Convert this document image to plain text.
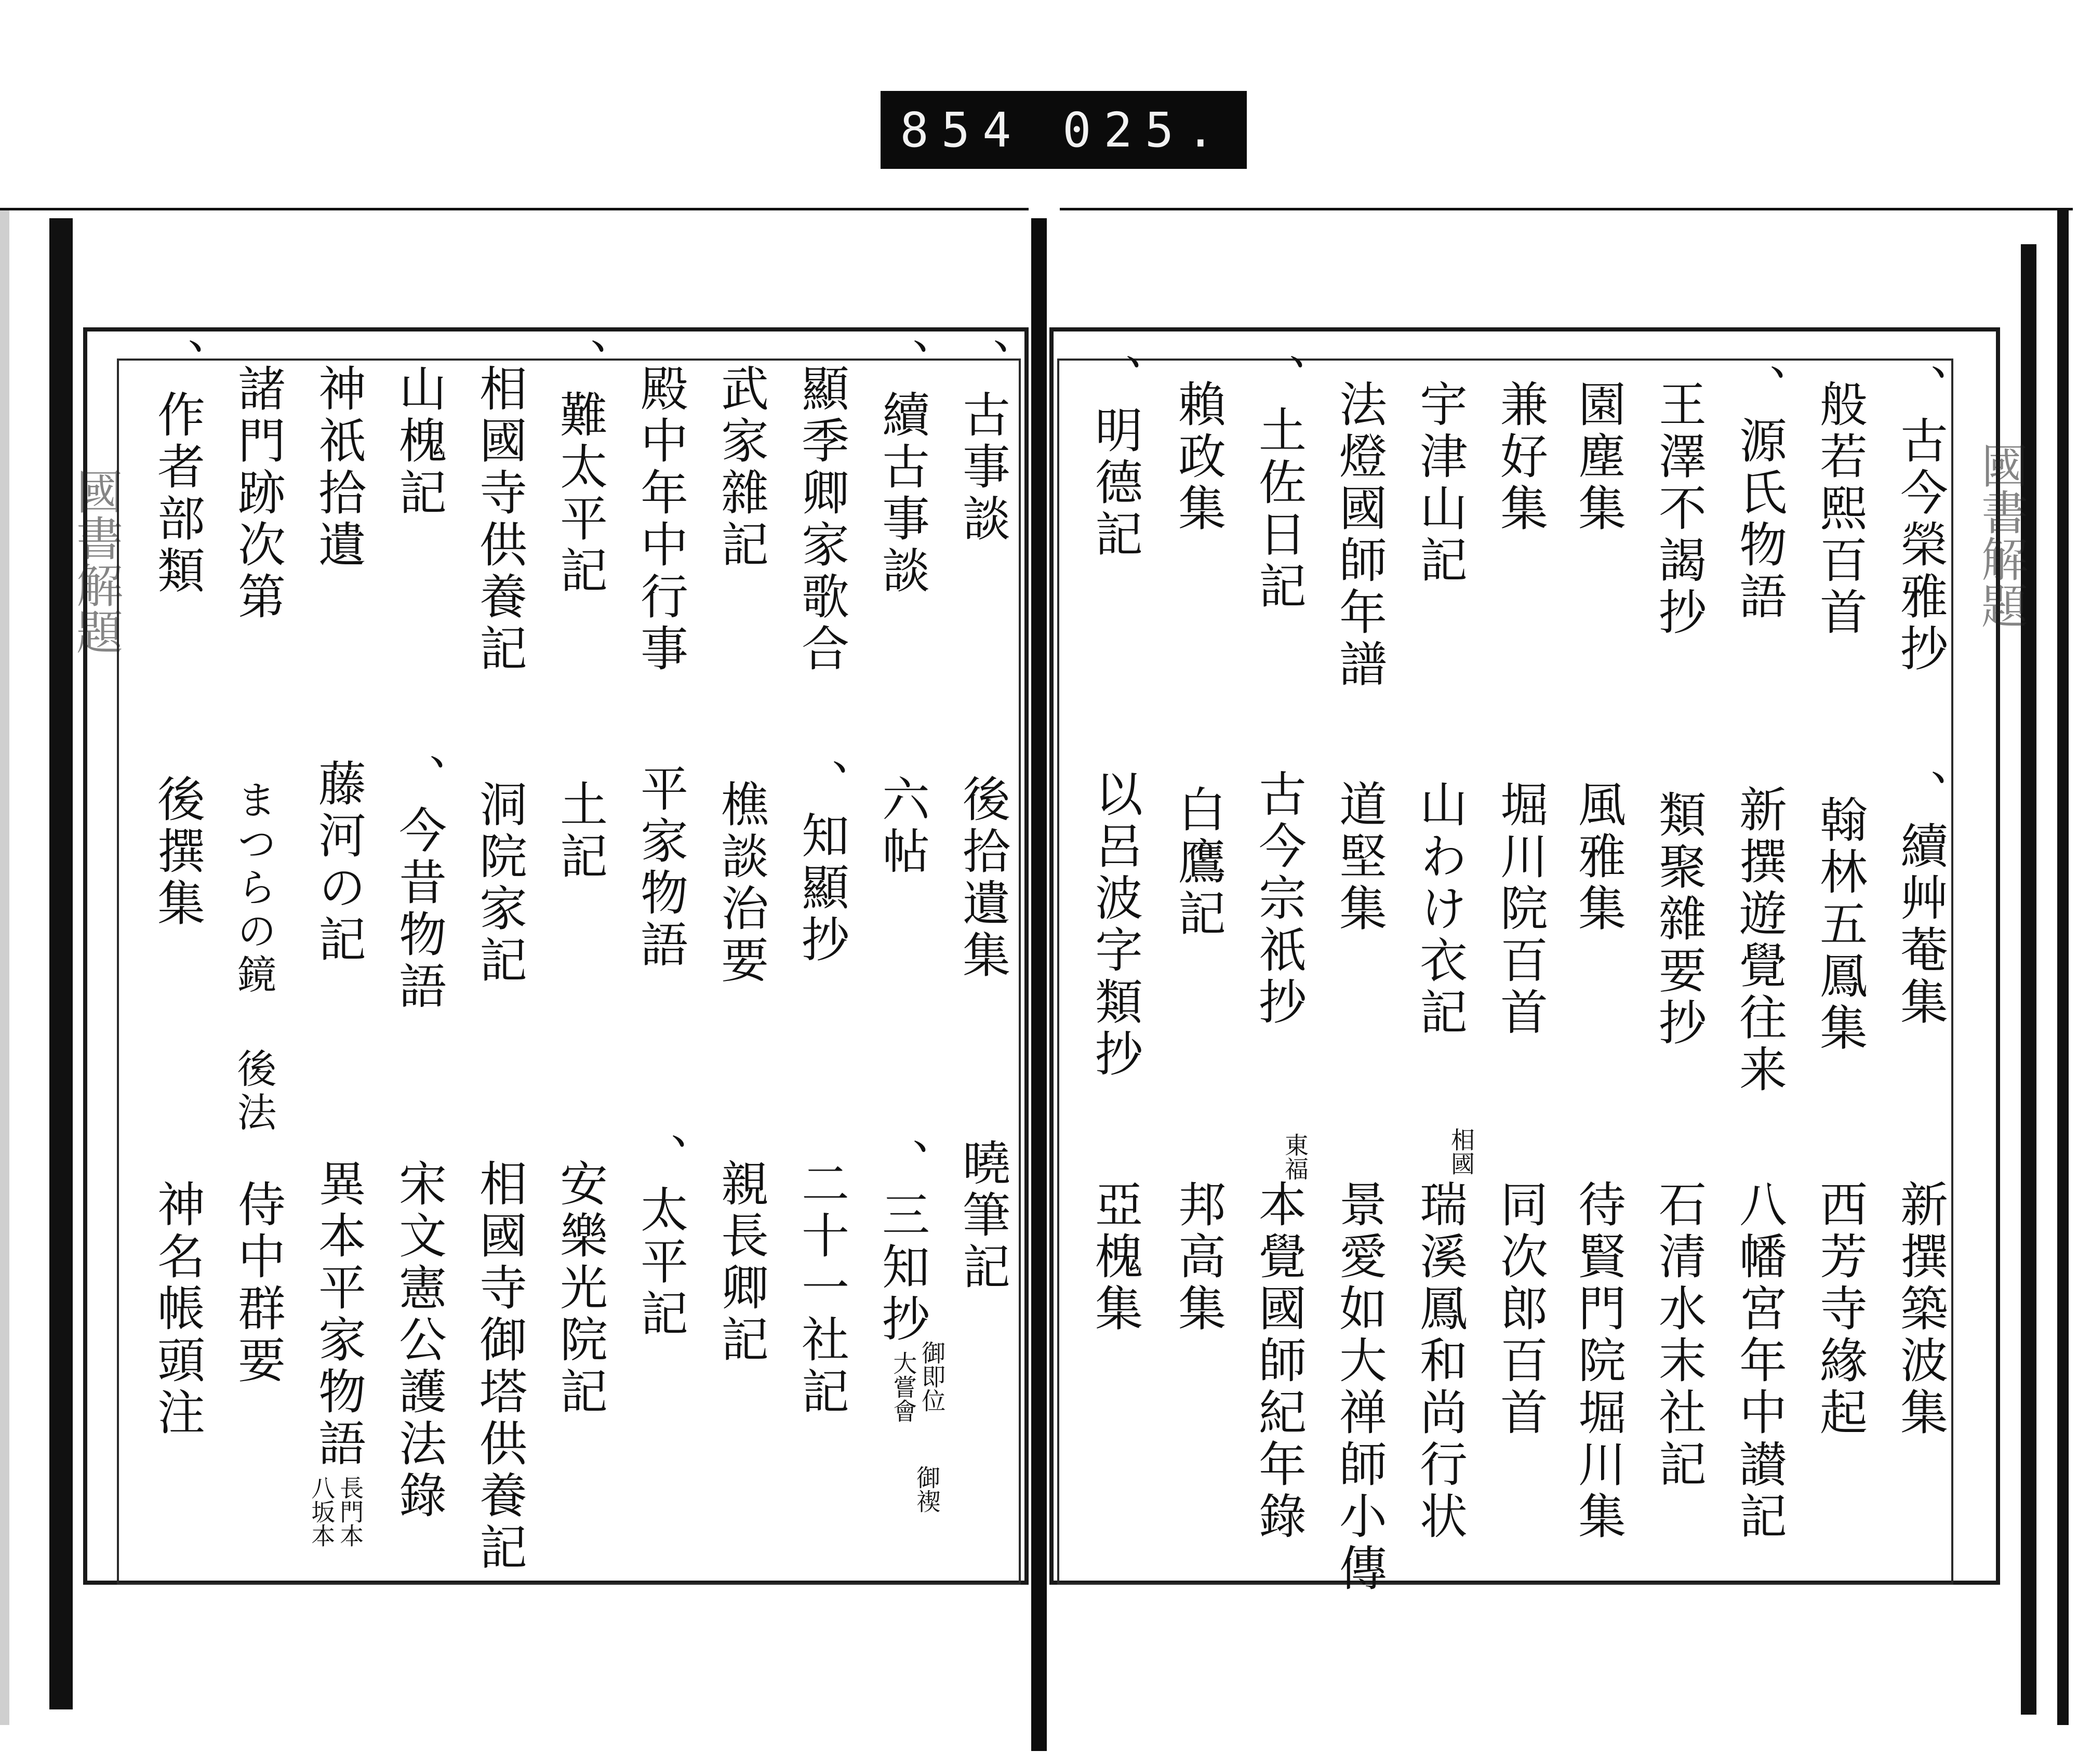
854 025.
國書解題	國書解題
、古今榮雅抄
、續艸菴集
新撰築波集
般若熙百首
翰林五鳳集
西芳寺緣起
、源氏物語
新撰遊覺往来
八幡宮年中讃記
王澤不謁抄
類聚雜要抄
石清水末社記
園塵集
風雅集
待賢門院堀川集
兼好集
堀川院百首
同次郎百首
宇津山記
山わけ衣記
瑞溪鳳和尚行状
相國
法燈國師年譜
道堅集
景愛如大禅師小傳
、土佐日記
古今宗祇抄
本覺國師紀年錄
東福
賴政集
白鷹記
邦高集
、明德記
以呂波字類抄
亞槐集
、古事談
後拾遺集
曉筆記
、續古事談
六帖
、三知抄
御即位
大嘗會
御禊
顯季卿家歌合
、知顯抄
二十一社記
武家雜記
樵談治要
親長卿記
殿中年中行事
平家物語
、太平記
、難太平記
土記
安樂光院記
相國寺供養記
洞院家記
相國寺御塔供養記
山槐記
、今昔物語
宋文憲公護法錄
神祇拾遺
藤河の記
異本平家物語
長門本
八坂本
諸門跡次第
まつらの鏡 後法
侍中群要
、作者部類
後撰集
神名帳頭注
